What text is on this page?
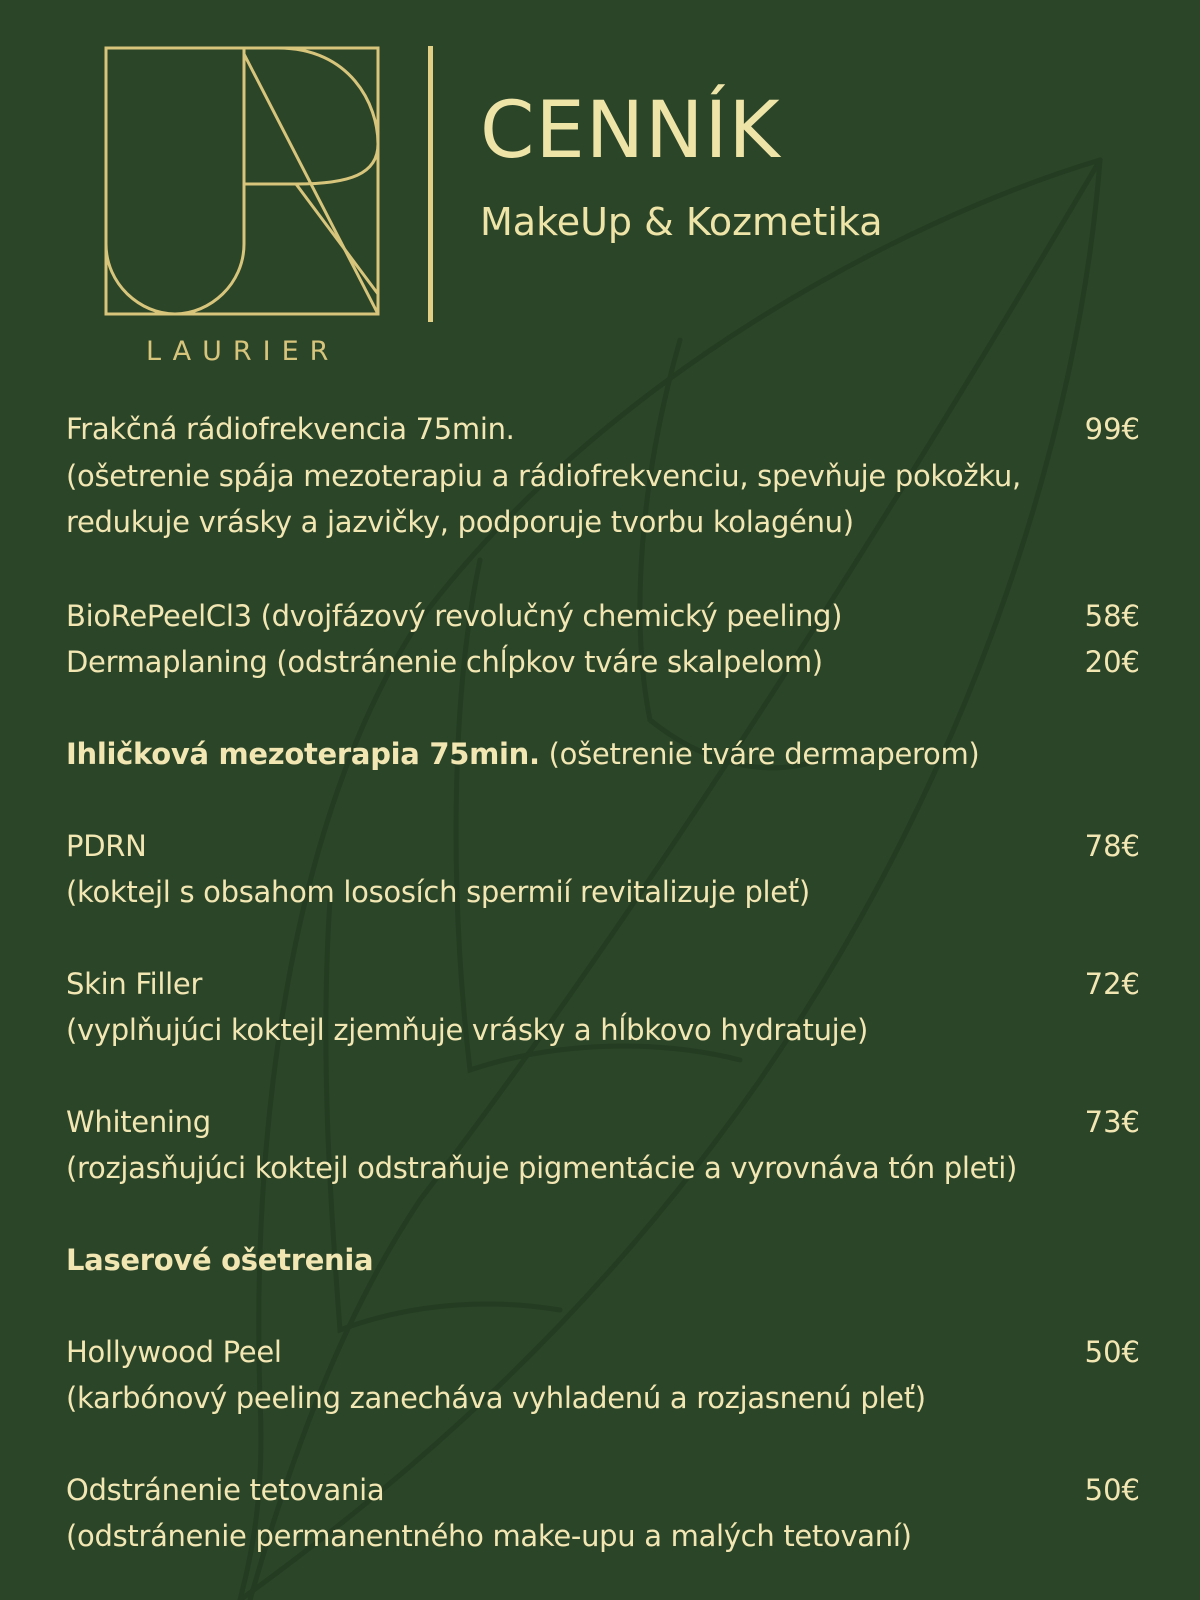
LAURIER
CENNÍK
MakeUp & Kozmetika
Frakčná rádiofrekvencia 75min.	99€
(ošetrenie spája mezoterapiu a rádiofrekvenciu, spevňuje pokožku,
redukuje vrásky a jazvičky, podporuje tvorbu kolagénu)
BioRePeelCl3 (dvojfázový revolučný chemický peeling)	58€
Dermaplaning (odstránenie chĺpkov tváre skalpelom)	20€
Ihličková mezoterapia 75min. (ošetrenie tváre dermaperom)
PDRN	78€
(koktejl s obsahom lososích spermií revitalizuje pleť)
Skin Filler	72€
(vyplňujúci koktejl zjemňuje vrásky a hĺbkovo hydratuje)
Whitening	73€
(rozjasňujúci koktejl odstraňuje pigmentácie a vyrovnáva tón pleti)
Laserové ošetrenia
Hollywood Peel	50€
(karbónový peeling zanecháva vyhladenú a rozjasnenú pleť)
Odstránenie tetovania	50€
(odstránenie permanentného make-upu a malých tetovaní)
